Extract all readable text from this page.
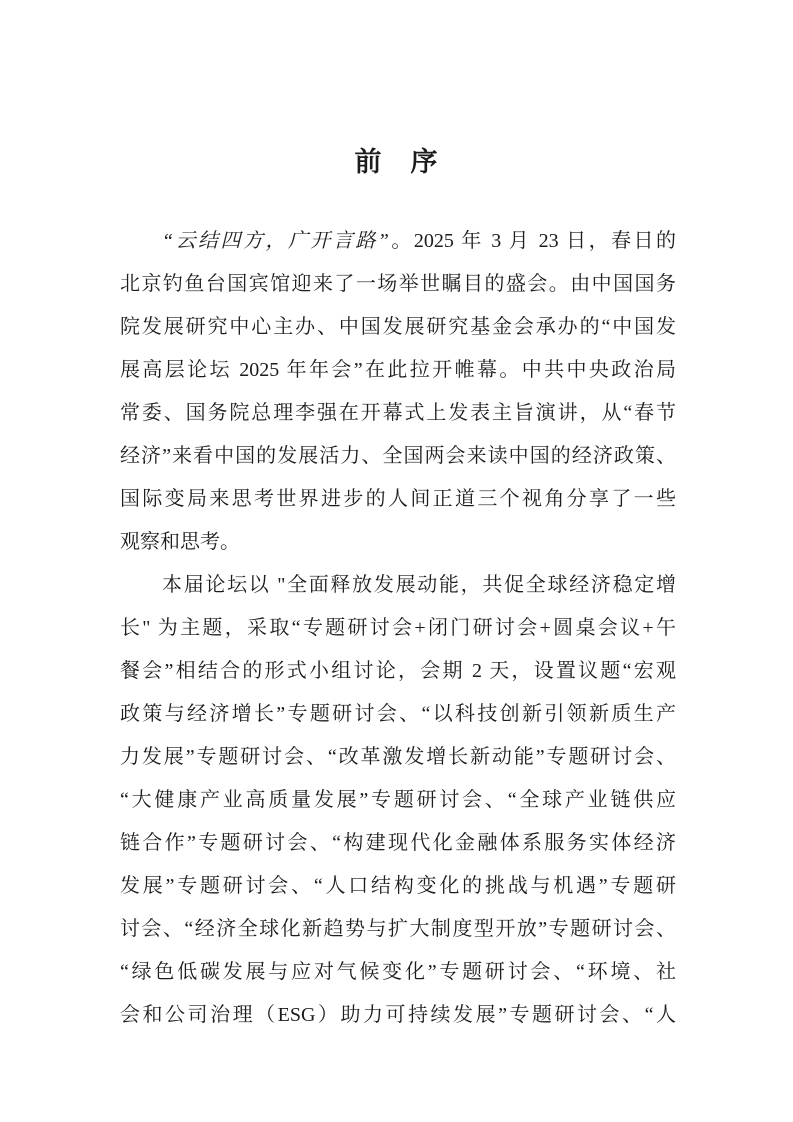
前　序
“云结四方，广开言路”。2025 年 3 月 23 日，春日的
北京钓鱼台国宾馆迎来了一场举世瞩目的盛会。由中国国务
院发展研究中心主办、中国发展研究基金会承办的“中国发
展高层论坛 2025 年年会”在此拉开帷幕。中共中央政治局
常委、国务院总理李强在开幕式上发表主旨演讲，从“春节
经济”来看中国的发展活力、全国两会来读中国的经济政策、
国际变局来思考世界进步的人间正道三个视角分享了一些
观察和思考。
本届论坛以 "全面释放发展动能，共促全球经济稳定增
长" 为主题，采取“专题研讨会+闭门研讨会+圆桌会议+午
餐会”相结合的形式小组讨论，会期 2 天，设置议题“宏观
政策与经济增长”专题研讨会、“以科技创新引领新质生产
力发展”专题研讨会、“改革激发增长新动能”专题研讨会、
“大健康产业高质量发展”专题研讨会、“全球产业链供应
链合作”专题研讨会、“构建现代化金融体系服务实体经济
发展”专题研讨会、“人口结构变化的挑战与机遇”专题研
讨会、“经济全球化新趋势与扩大制度型开放”专题研讨会、
“绿色低碳发展与应对气候变化”专题研讨会、“环境、社
会和公司治理（ESG）助力可持续发展”专题研讨会、“人
